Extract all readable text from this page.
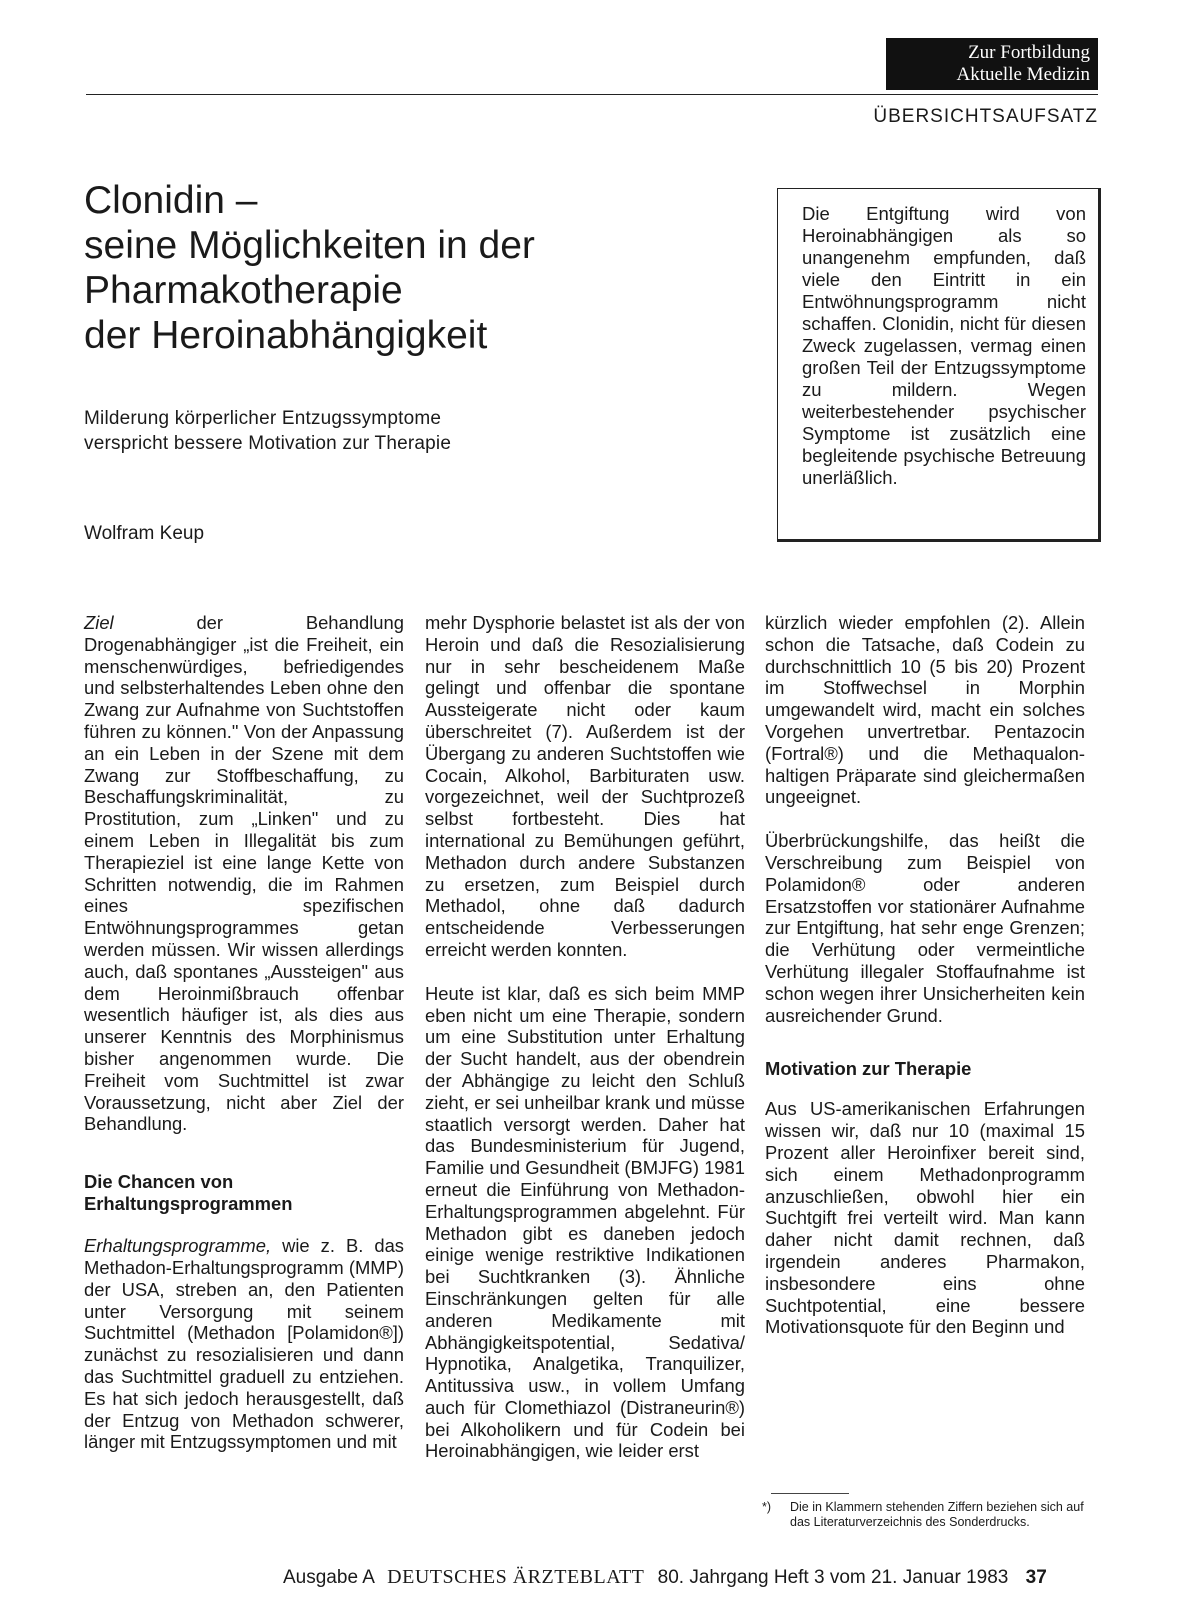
Zur Fortbildung
Aktuelle Medizin
ÜBERSICHTSAUFSATZ
Clonidin –
seine Möglichkeiten in der
Pharmakotherapie
der Heroinabhängigkeit
Milderung körperlicher Entzugssymptome
verspricht bessere Motivation zur Therapie
Wolfram Keup
Die Entgiftung wird von Heroinabhängigen als so unangenehm empfunden, daß viele den Eintritt in ein Entwöhnungsprogramm nicht schaffen. Clonidin, nicht für diesen Zweck zugelassen, vermag einen großen Teil der Entzugssymptome zu mildern. Wegen weiterbestehender psychischer Symptome ist zusätzlich eine begleitende psychische Betreuung unerläßlich.

Ziel der Behandlung Drogenabhängiger „ist die Freiheit, ein menschenwürdiges, befriedigendes und selbsterhaltendes Leben ohne den Zwang zur Aufnahme von Suchtstoffen führen zu können." Von der Anpassung an ein Leben in der Szene mit dem Zwang zur Stoffbeschaffung, zu Beschaffungskriminalität, zu Prostitution, zum „Linken" und zu einem Leben in Illegalität bis zum Therapieziel ist eine lange Kette von Schritten notwendig, die im Rahmen eines spezifischen Entwöhnungsprogrammes getan werden müssen. Wir wissen allerdings auch, daß spontanes „Aussteigen" aus dem Heroinmißbrauch offenbar wesentlich häufiger ist, als dies aus unserer Kenntnis des Morphinismus bisher angenommen wurde. Die Freiheit vom Suchtmittel ist zwar Voraussetzung, nicht aber Ziel der Behandlung.

Die Chancen von
Erhaltungsprogrammen

Erhaltungsprogramme, wie z. B. das Methadon-Erhaltungsprogramm (MMP) der USA, streben an, den Patienten unter Versorgung mit seinem Suchtmittel (Methadon [Polamidon®]) zunächst zu resozialisieren und dann das Suchtmittel graduell zu entziehen. Es hat sich jedoch herausgestellt, daß der Entzug von Methadon schwerer, länger mit Entzugssymptomen und mit

mehr Dysphorie belastet ist als der von Heroin und daß die Resozialisierung nur in sehr bescheidenem Maße gelingt und offenbar die spontane Aussteigerate nicht oder kaum überschreitet (7). Außerdem ist der Übergang zu anderen Suchtstoffen wie Cocain, Alkohol, Barbituraten usw. vorgezeichnet, weil der Suchtprozeß selbst fortbesteht. Dies hat international zu Bemühungen geführt, Methadon durch andere Substanzen zu ersetzen, zum Beispiel durch Methadol, ohne daß dadurch entscheidende Verbesserungen erreicht werden konnten.

Heute ist klar, daß es sich beim MMP eben nicht um eine Therapie, sondern um eine Substitution unter Erhaltung der Sucht handelt, aus der obendrein der Abhängige zu leicht den Schluß zieht, er sei unheilbar krank und müsse staatlich versorgt werden. Daher hat das Bundesministerium für Jugend, Familie und Gesundheit (BMJFG) 1981 erneut die Einführung von Methadon-Erhaltungsprogrammen abgelehnt. Für Methadon gibt es daneben jedoch einige wenige restriktive Indikationen bei Suchtkranken (3). Ähnliche Einschränkungen gelten für alle anderen Medikamente mit Abhängigkeitspotential, Sedativa/ Hypnotika, Analgetika, Tranquilizer, Antitussiva usw., in vollem Umfang auch für Clomethiazol (Distraneurin®) bei Alkoholikern und für Codein bei Heroinabhängigen, wie leider erst

kürzlich wieder empfohlen (2). Allein schon die Tatsache, daß Codein zu durchschnittlich 10 (5 bis 20) Prozent im Stoffwechsel in Morphin umgewandelt wird, macht ein solches Vorgehen unvertretbar. Pentazocin (Fortral®) und die Methaqualon-haltigen Präparate sind gleichermaßen ungeeignet.

Überbrückungshilfe, das heißt die Verschreibung zum Beispiel von Polamidon® oder anderen Ersatzstoffen vor stationärer Aufnahme zur Entgiftung, hat sehr enge Grenzen; die Verhütung oder vermeintliche Verhütung illegaler Stoffaufnahme ist schon wegen ihrer Unsicherheiten kein ausreichender Grund.

Motivation zur Therapie

Aus US-amerikanischen Erfahrungen wissen wir, daß nur 10 (maximal 15 Prozent aller Heroinfixer bereit sind, sich einem Methadonprogramm anzuschließen, obwohl hier ein Suchtgift frei verteilt wird. Man kann daher nicht damit rechnen, daß irgendein anderes Pharmakon, insbesondere eins ohne Suchtpotential, eine bessere Motivationsquote für den Beginn und

*) Die in Klammern stehenden Ziffern beziehen sich auf das Literaturverzeichnis des Sonderdrucks.
Ausgabe A DEUTSCHES ÄRZTEBLATT 80. Jahrgang Heft 3 vom 21. Januar 1983 37
